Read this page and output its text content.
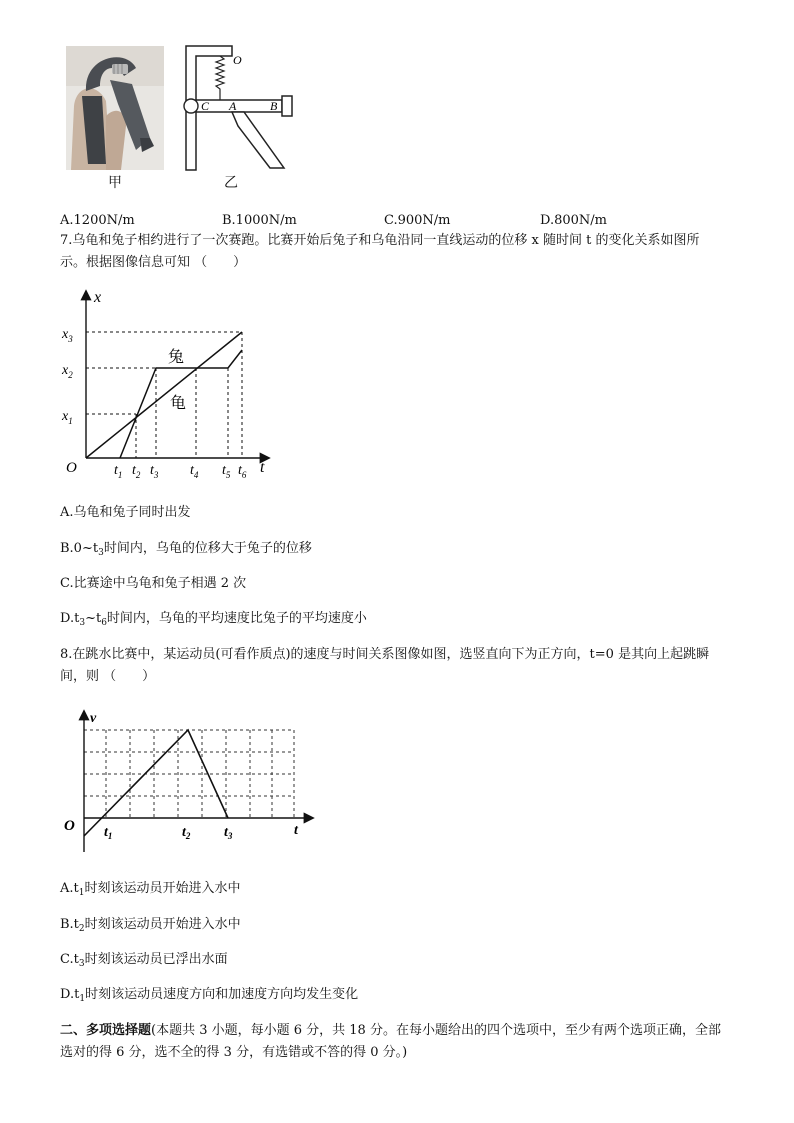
甲
O
C A	B
乙
A.1200N/m	B.1000N/m	C.900N/m	D.800N/m
7.乌龟和兔子相约进行了一次赛跑。比赛开始后兔子和乌龟沿同一直线运动的位移 x 随时间 t 的变化关系如图所
示。根据图像信息可知 （　　）
O
x
t
$x_3$
$x_2$
$x_1$
$t_1$ $t_2$ $t_3$ $t_4$ $t_5$ $t_6$
兔
龟
A.乌龟和兔子同时出发
$B.0\sim t_3$时间内，乌龟的位移大于兔子的位移
C.比赛途中乌龟和兔子相遇 2 次
$D.t_3\sim t_6$时间内，乌龟的平均速度比兔子的平均速度小
8.在跳水比赛中，某运动员(可看作质点)的速度与时间关系图像如图，选竖直向下为正方向，t=0 是其向上起跳瞬
间，则 （　　）
v
t
O $t_1$	$t_2$ $t_3$
$A.t_1$时刻该运动员开始进入水中
$B.t_2$时刻该运动员开始进入水中
$C.t_3$时刻该运动员已浮出水面
$D.t_1$时刻该运动员速度方向和加速度方向均发生变化
二、多项选择题(本题共 3 小题，每小题 6 分，共 18 分。在每小题给出的四个选项中，至少有两个选项正确，全部
选对的得 6 分，选不全的得 3 分，有选错或不答的得 0 分。)
